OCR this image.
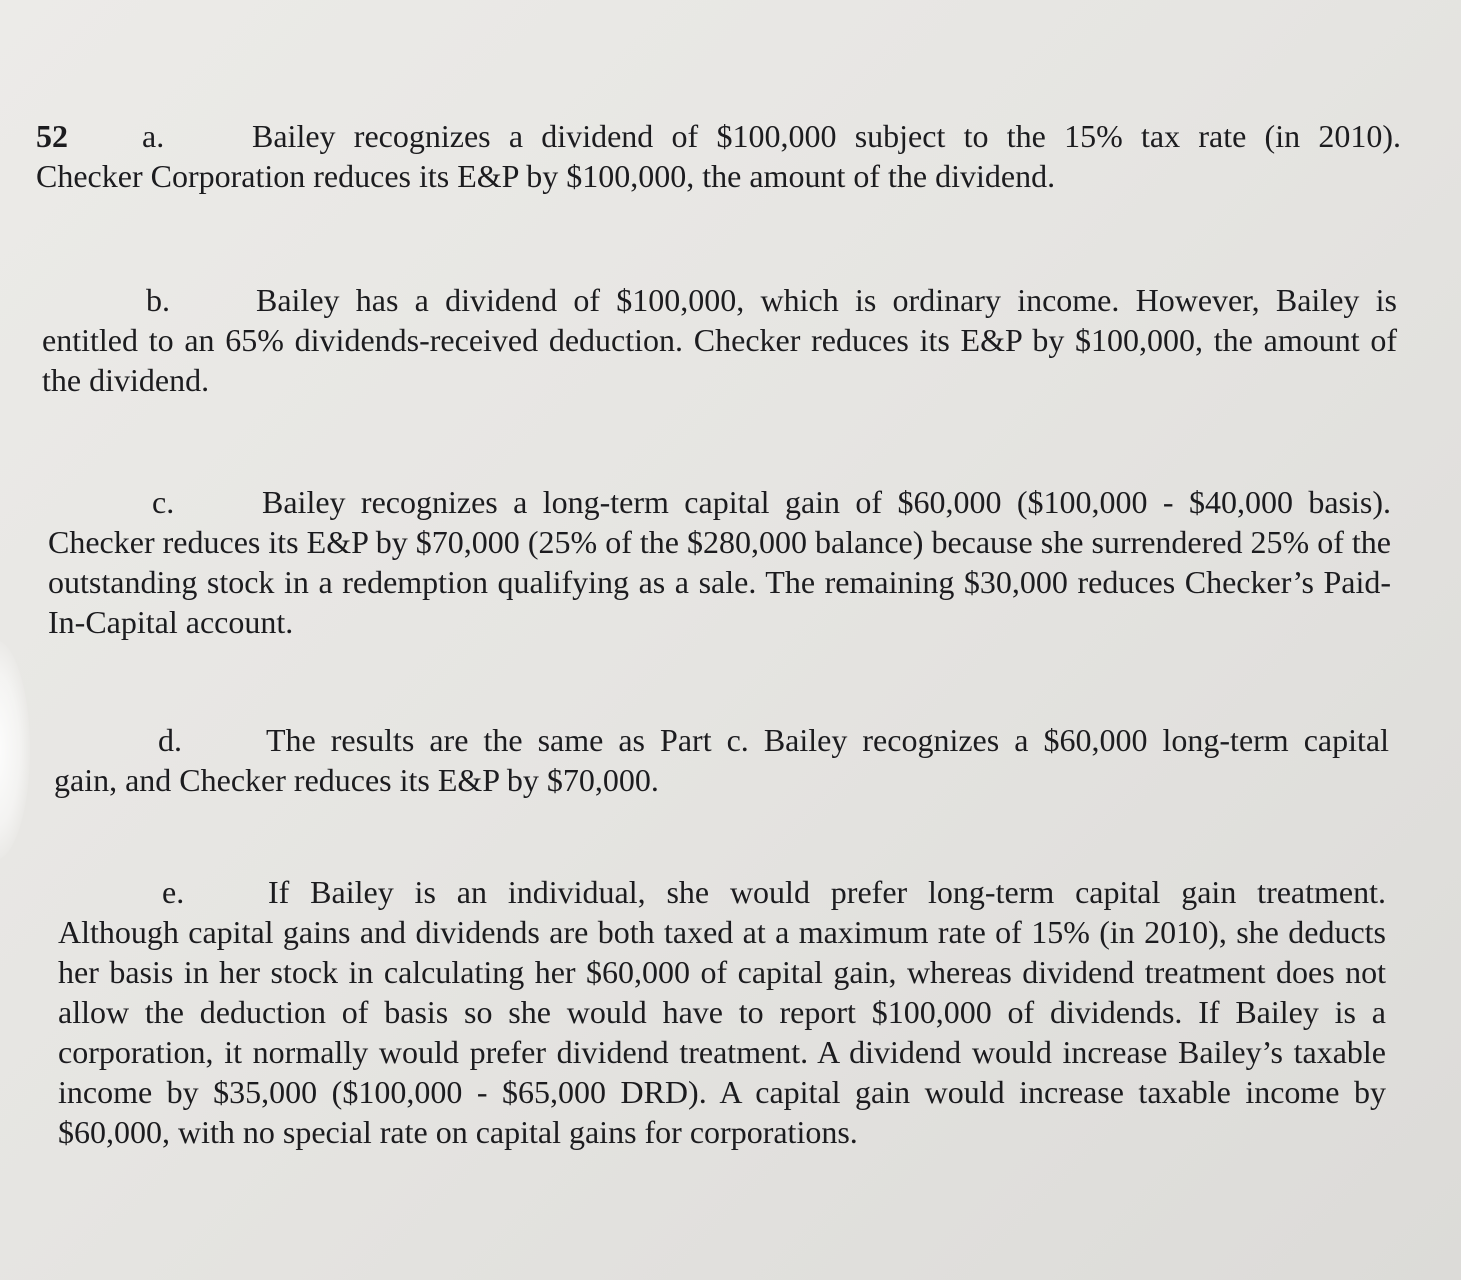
52 a.	Bailey recognizes a dividend of $100,000 subject to the 15% tax rate (in 2010).
Checker Corporation reduces its E&P by $100,000, the amount of the dividend.
b.	Bailey has a dividend of $100,000, which is ordinary income. However, Bailey is
entitled to an 65% dividends-received deduction. Checker reduces its E&P by $100,000, the amount of the dividend.
c.	Bailey recognizes a long-term capital gain of $60,000 ($100,000 - $40,000 basis).
Checker reduces its E&P by $70,000 (25% of the $280,000 balance) because she surrendered 25% of the outstanding stock in a redemption qualifying as a sale. The remaining $30,000 reduces Checker’s Paid-In-Capital account.
d.	The results are the same as Part c. Bailey recognizes a $60,000 long-term capital
gain, and Checker reduces its E&P by $70,000.
e.	If Bailey is an individual, she would prefer long-term capital gain treatment.
Although capital gains and dividends are both taxed at a maximum rate of 15% (in 2010), she deducts her basis in her stock in calculating her $60,000 of capital gain, whereas dividend treatment does not allow the deduction of basis so she would have to report $100,000 of dividends. If Bailey is a corporation, it normally would prefer dividend treatment. A dividend would increase Bailey’s taxable income by $35,000 ($100,000 - $65,000 DRD). A capital gain would increase taxable income by $60,000, with no special rate on capital gains for corporations.
